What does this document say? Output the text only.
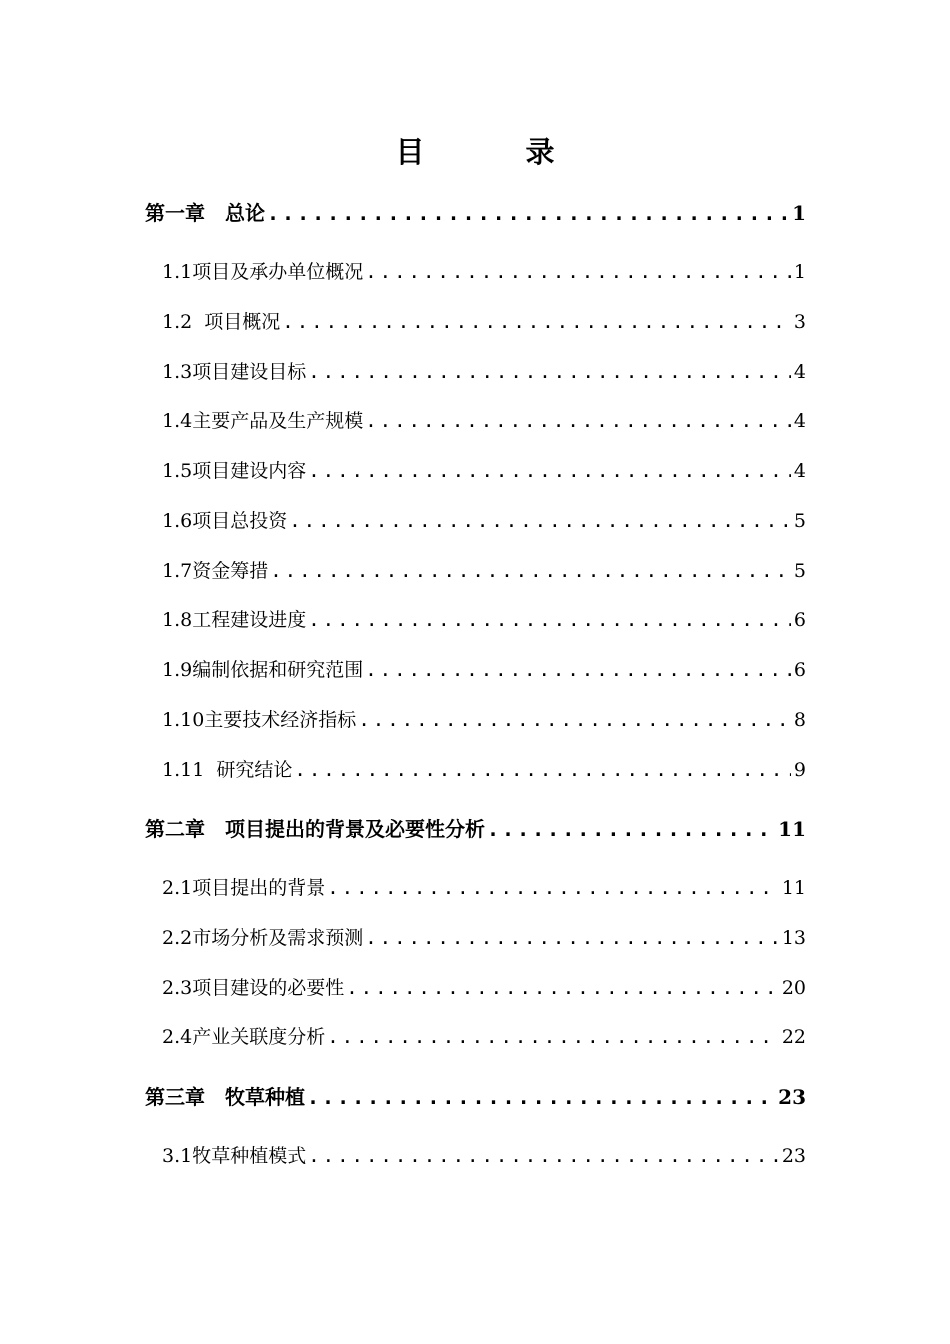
目　录
第一章　总论 .....	1
1.1项目及承办单位概况 .....	1
1.2  项目概况 .....	3
1.3项目建设目标 .....	4
1.4主要产品及生产规模 .....	4
1.5项目建设内容 .....	4
1.6项目总投资 .....	5
1.7资金筹措 .....	5
1.8工程建设进度 .....	6
1.9编制依据和研究范围 .....	6
1.10主要技术经济指标 .....	8
1.11  研究结论 .....	9
第二章　项目提出的背景及必要性分析 .....	11
2.1项目提出的背景 .....	11
2.2市场分析及需求预测 .....	13
2.3项目建设的必要性 .....	20
2.4产业关联度分析 .....	22
第三章　牧草种植 .....	23
3.1牧草种植模式 .....	23
